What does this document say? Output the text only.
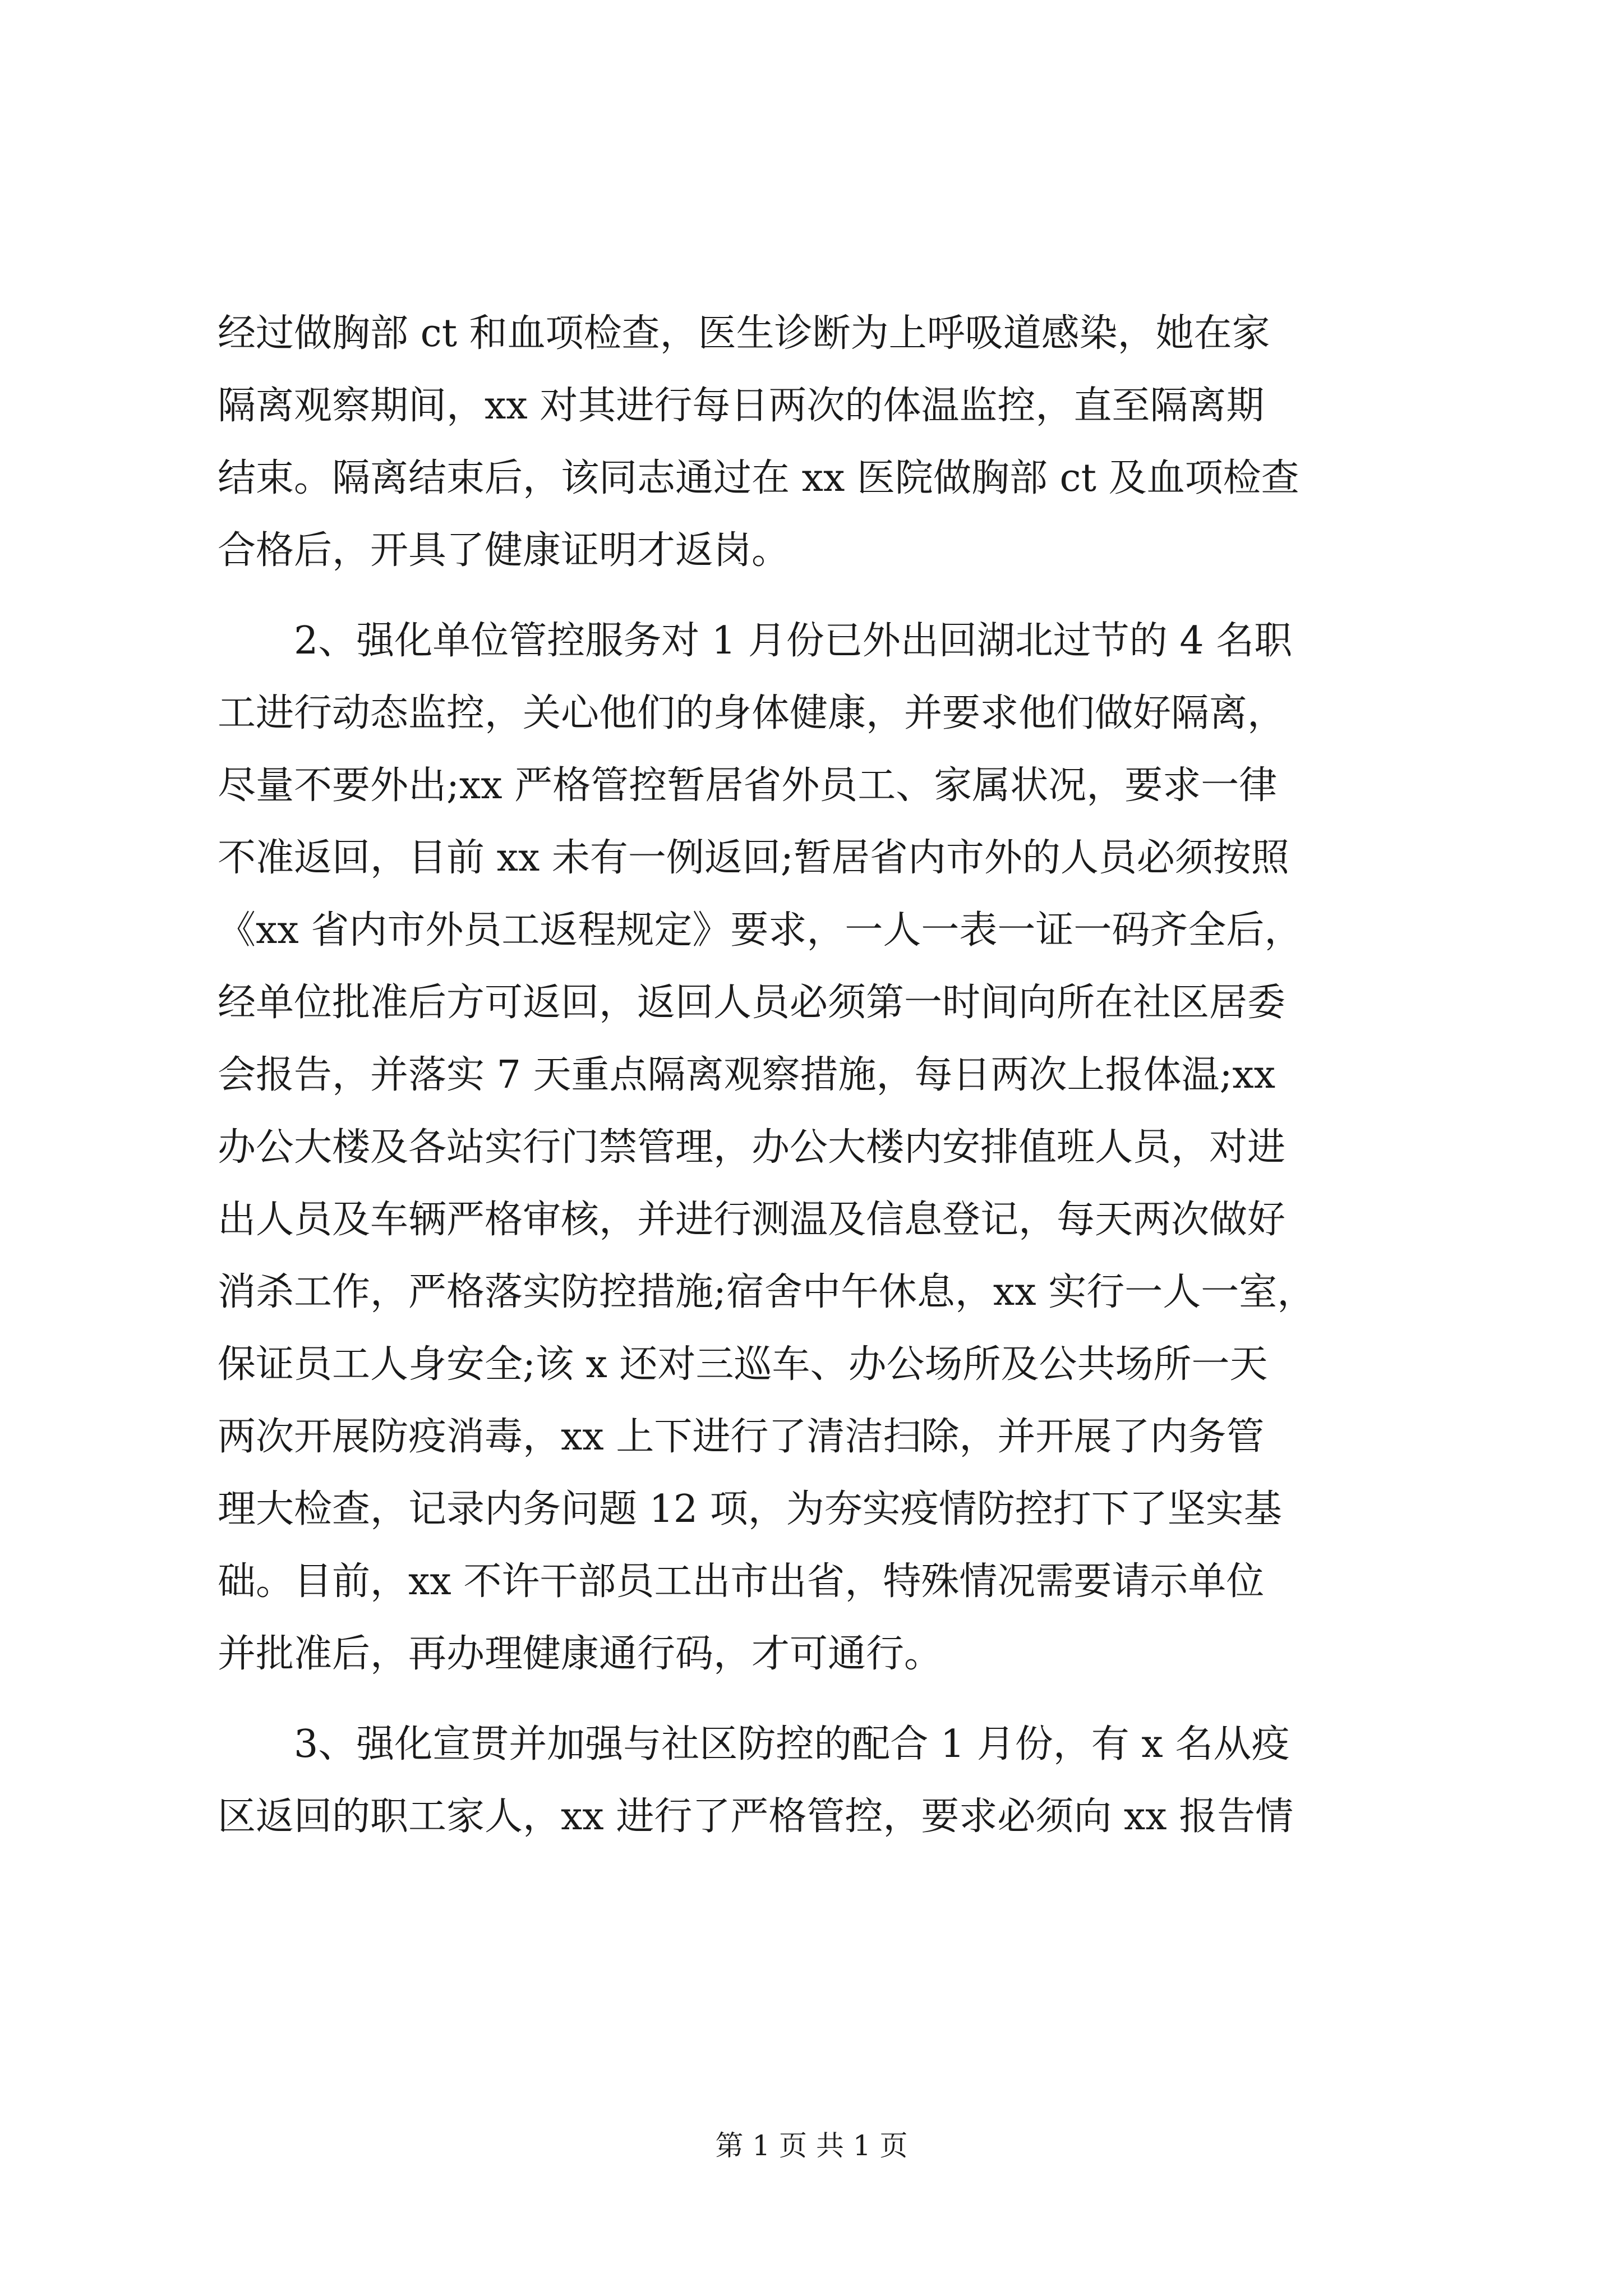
经过做胸部 ct 和血项检查，医生诊断为上呼吸道感染，她在家
隔离观察期间，xx 对其进行每日两次的体温监控，直至隔离期
结束。隔离结束后，该同志通过在 xx 医院做胸部 ct 及血项检查
合格后，开具了健康证明才返岗。
　　2、强化单位管控服务对 1 月份已外出回湖北过节的 4 名职
工进行动态监控，关心他们的身体健康，并要求他们做好隔离，
尽量不要外出;xx 严格管控暂居省外员工、家属状况，要求一律
不准返回，目前 xx 未有一例返回;暂居省内市外的人员必须按照
《xx 省内市外员工返程规定》要求，一人一表一证一码齐全后，
经单位批准后方可返回，返回人员必须第一时间向所在社区居委
会报告，并落实 7 天重点隔离观察措施，每日两次上报体温;xx
办公大楼及各站实行门禁管理，办公大楼内安排值班人员，对进
出人员及车辆严格审核，并进行测温及信息登记，每天两次做好
消杀工作，严格落实防控措施;宿舍中午休息，xx 实行一人一室，
保证员工人身安全;该 x 还对三巡车、办公场所及公共场所一天
两次开展防疫消毒，xx 上下进行了清洁扫除，并开展了内务管
理大检查，记录内务问题 12 项，为夯实疫情防控打下了坚实基
础。目前，xx 不许干部员工出市出省，特殊情况需要请示单位
并批准后，再办理健康通行码，才可通行。
　　3、强化宣贯并加强与社区防控的配合 1 月份，有 x 名从疫
区返回的职工家人，xx 进行了严格管控，要求必须向 xx 报告情
第 1 页 共 1 页
